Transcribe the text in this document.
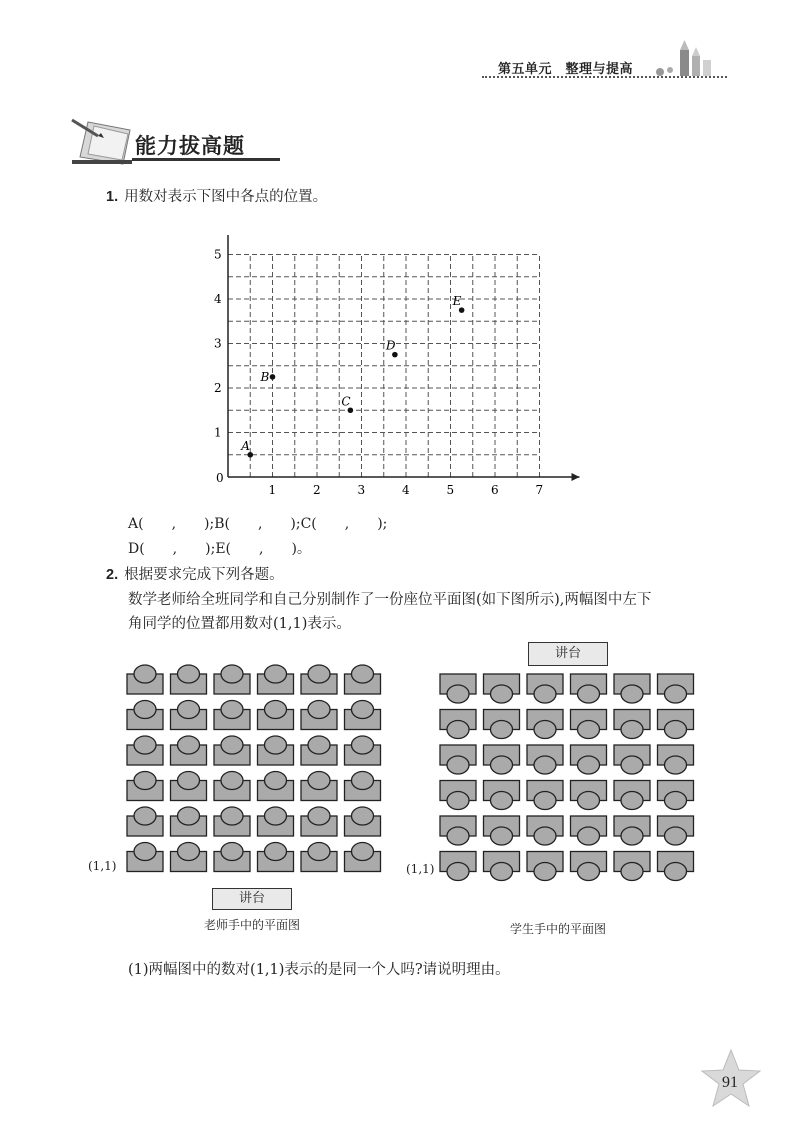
第五单元　整理与提高
能力拔高题
1. 用数对表示下图中各点的位置。
0
1	2	3	4	5	6	7
1
2
3
4
5
A
B
C
D
E
A(　　,　　);B(　　,　　);C(　　,　　);
D(　　,　　);E(　　,　　)。
2. 根据要求完成下列各题。
数学老师给全班同学和自己分别制作了一份座位平面图(如下图所示),两幅图中左下
角同学的位置都用数对(1,1)表示。
(1,1)	(1,1)
讲台
讲台
老师手中的平面图	学生手中的平面图
(1)两幅图中的数对(1,1)表示的是同一个人吗?请说明理由。
91
